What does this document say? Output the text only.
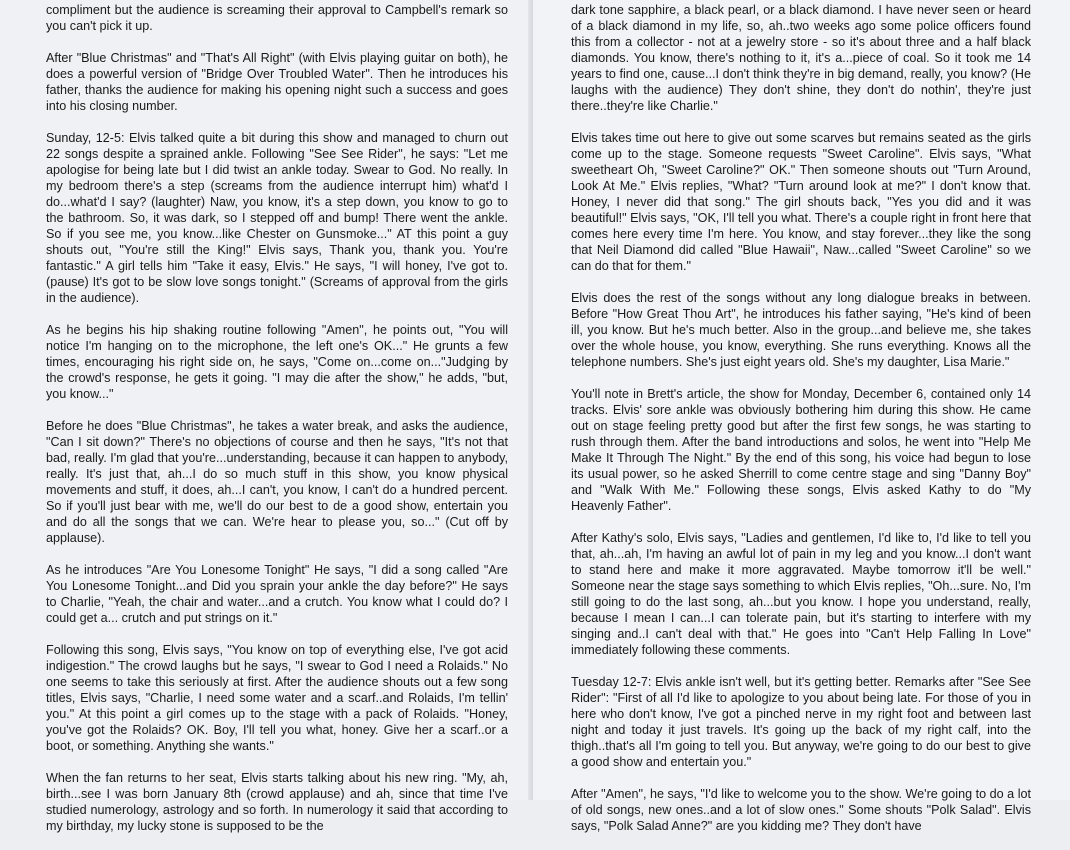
compliment but the audience is screaming their approval to Campbell's remark so you can't pick it up.

After "Blue Christmas" and "That's All Right" (with Elvis playing guitar on both), he does a powerful version of "Bridge Over Troubled Water". Then he introduces his father, thanks the audience for making his opening night such a success and goes into his closing number.

Sunday, 12-5: Elvis talked quite a bit during this show and managed to churn out 22 songs despite a sprained ankle. Following "See See Rider", he says: "Let me apologise for being late but I did twist an ankle today. Swear to God. No really. In my bedroom there's a step (screams from the audience interrupt him) what'd I do...what'd I say? (laughter) Naw, you know, it's a step down, you know to go to the bathroom. So, it was dark, so I stepped off and bump! There went the ankle. So if you see me, you know...like Chester on Gunsmoke..." AT this point a guy shouts out, "You're still the King!" Elvis says, Thank you, thank you. You're fantastic." A girl tells him "Take it easy, Elvis." He says, "I will honey, I've got to. (pause) It's got to be slow love songs tonight." (Screams of approval from the girls in the audience).

As he begins his hip shaking routine following "Amen", he points out, "You will notice I'm hanging on to the microphone, the left one's OK..." He grunts a few times, encouraging his right side on, he says, "Come on...come on..."Judging by the crowd's response, he gets it going. "I may die after the show," he adds, "but, you know..."

Before he does "Blue Christmas", he takes a water break, and asks the audience, "Can I sit down?" There's no objections of course and then he says, "It's not that bad, really. I'm glad that you're...understanding, because it can happen to anybody, really. It's just that, ah...I do so much stuff in this show, you know physical movements and stuff, it does, ah...I can't, you know, I can't do a hundred percent. So if you'll just bear with me, we'll do our best to de a good show, entertain you and do all the songs that we can. We're hear to please you, so..." (Cut off by applause).

As he introduces "Are You Lonesome Tonight" He says, "I did a song called "Are You Lonesome Tonight...and Did you sprain your ankle the day before?" He says to Charlie, "Yeah, the chair and water...and a crutch. You know what I could do? I could get a... crutch and put strings on it."

Following this song, Elvis says, "You know on top of everything else, I've got acid indigestion." The crowd laughs but he says, "I swear to God I need a Rolaids." No one seems to take this seriously at first. After the audience shouts out a few song titles, Elvis says, "Charlie, I need some water and a scarf..and Rolaids, I'm tellin' you." At this point a girl comes up to the stage with a pack of Rolaids. "Honey, you've got the Rolaids? OK. Boy, I'll tell you what, honey. Give her a scarf..or a boot, or something. Anything she wants."

When the fan returns to her seat, Elvis starts talking about his new ring. "My, ah, birth...see I was born January 8th (crowd applause) and ah, since that time I've studied numerology, astrology and so forth. In numerology it said that according to my birthday, my lucky stone is supposed to be the

dark tone sapphire, a black pearl, or a black diamond. I have never seen or heard of a black diamond in my life, so, ah..two weeks ago some police officers found this from a collector - not at a jewelry store - so it's about three and a half black diamonds. You know, there's nothing to it, it's a...piece of coal. So it took me 14 years to find one, cause...I don't think they're in big demand, really, you know? (He laughs with the audience) They don't shine, they don't do nothin', they're just there..they're like Charlie."

Elvis takes time out here to give out some scarves but remains seated as the girls come up to the stage. Someone requests "Sweet Caroline". Elvis says, "What sweetheart Oh, "Sweet Caroline?" OK." Then someone shouts out "Turn Around, Look At Me." Elvis replies, "What? "Turn around look at me?" I don't know that. Honey, I never did that song." The girl shouts back, "Yes you did and it was beautiful!" Elvis says, "OK, I'll tell you what. There's a couple right in front here that comes here every time I'm here. You know, and stay forever...they like the song that Neil Diamond did called "Blue Hawaii", Naw...called "Sweet Caroline" so we can do that for them."

Elvis does the rest of the songs without any long dialogue breaks in between. Before "How Great Thou Art", he introduces his father saying, "He's kind of been ill, you know. But he's much better. Also in the group...and believe me, she takes over the whole house, you know, everything. She runs everything. Knows all the telephone numbers. She's just eight years old. She's my daughter, Lisa Marie."

You'll note in Brett's article, the show for Monday, December 6, contained only 14 tracks. Elvis' sore ankle was obviously bothering him during this show. He came out on stage feeling pretty good but after the first few songs, he was starting to rush through them. After the band introductions and solos, he went into "Help Me Make It Through The Night." By the end of this song, his voice had begun to lose its usual power, so he asked Sherrill to come centre stage and sing "Danny Boy" and "Walk With Me." Following these songs, Elvis asked Kathy to do "My Heavenly Father".

After Kathy's solo, Elvis says, "Ladies and gentlemen, I'd like to, I'd like to tell you that, ah...ah, I'm having an awful lot of pain in my leg and you know...I don't want to stand here and make it more aggravated. Maybe tomorrow it'll be well." Someone near the stage says something to which Elvis replies, "Oh...sure. No, I'm still going to do the last song, ah...but you know. I hope you understand, really, because I mean I can...I can tolerate pain, but it's starting to interfere with my singing and..I can't deal with that." He goes into "Can't Help Falling In Love" immediately following these comments.

Tuesday 12-7: Elvis ankle isn't well, but it's getting better. Remarks after "See See Rider": "First of all I'd like to apologize to you about being late. For those of you in here who don't know, I've got a pinched nerve in my right foot and between last night and today it just travels. It's going up the back of my right calf, into the thigh..that's all I'm going to tell you. But anyway, we're going to do our best to give a good show and entertain you."

After "Amen", he says, "I'd like to welcome you to the show. We're going to do a lot of old songs, new ones..and a lot of slow ones." Some shouts "Polk Salad". Elvis says, "Polk Salad Anne?" are you kidding me? They don't have
